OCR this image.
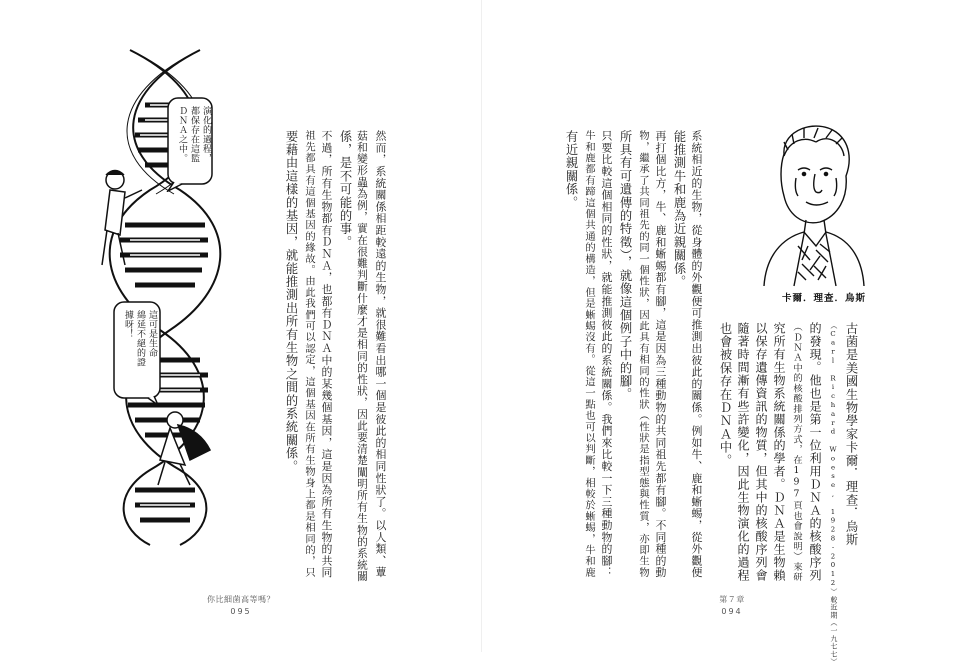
演化的過程，
都保存在這監
ＤＮＡ之中。
這可是生命
綿延不絕的證
據呀！	要藉由這樣的基因，就能推測出所有生物之間的系統關係。 祖先都具有這個基因的緣故。由此我們可以認定，這個基因在所有生物身上都是相同的，只 不過，所有生物都有ＤＮＡ，也都有ＤＮＡ中的某幾個基因，這是因為所有生物的共同 係，是不可能的事。 菇和變形蟲為例，實在很難判斷什麼才是相同的性狀，因此要清楚闡明所有生物的系統關 然而，系統關係相距較遠的生物，就很難看出哪一個是彼此的相同性狀了。以人類、蕈
你比細菌高等嗎？
095
有近親關係。 牛和鹿都有蹄這個共通的構造，但是蜥蜴沒有。從這一點也可以判斷，相較於蜥蜴，牛和鹿 只要比較這個相同的性狀，就能推測彼此的系統關係。我們來比較一下三種動物的腳： 所具有可遺傳的特徵），就像這個例子中的腳。 物，繼承了共同祖先的同一個性狀，因此具有相同的性狀（性狀是指型態與性質，亦即生物 再打個比方，牛、鹿和蜥蜴都有腳，這是因為三種動物的共同祖先都有腳。不同種的動 能推測牛和鹿為近親關係。 系統相近的生物，從身體的外觀便可推測出彼此的關係。例如牛、鹿和蜥蜴，從外觀便	卡爾．理查．烏斯
也會被保存在ＤＮＡ中。 隨著時間漸有些許變化，因此生物演化的過程 以保存遺傳資訊的物質，但其中的核酸序列會 究所有生物系統關係的學者。ＤＮＡ是生物賴 （ＤＮＡ中的核酸排列方式，在197頁也會說明）來研 的發現。他也是第一位利用ＤＮＡ的核酸序列	（Carl Richard Woese, 1928-2012）較近期（一九七七） 古菌是美國生物學家卡爾．理查．烏斯
第７章
094
